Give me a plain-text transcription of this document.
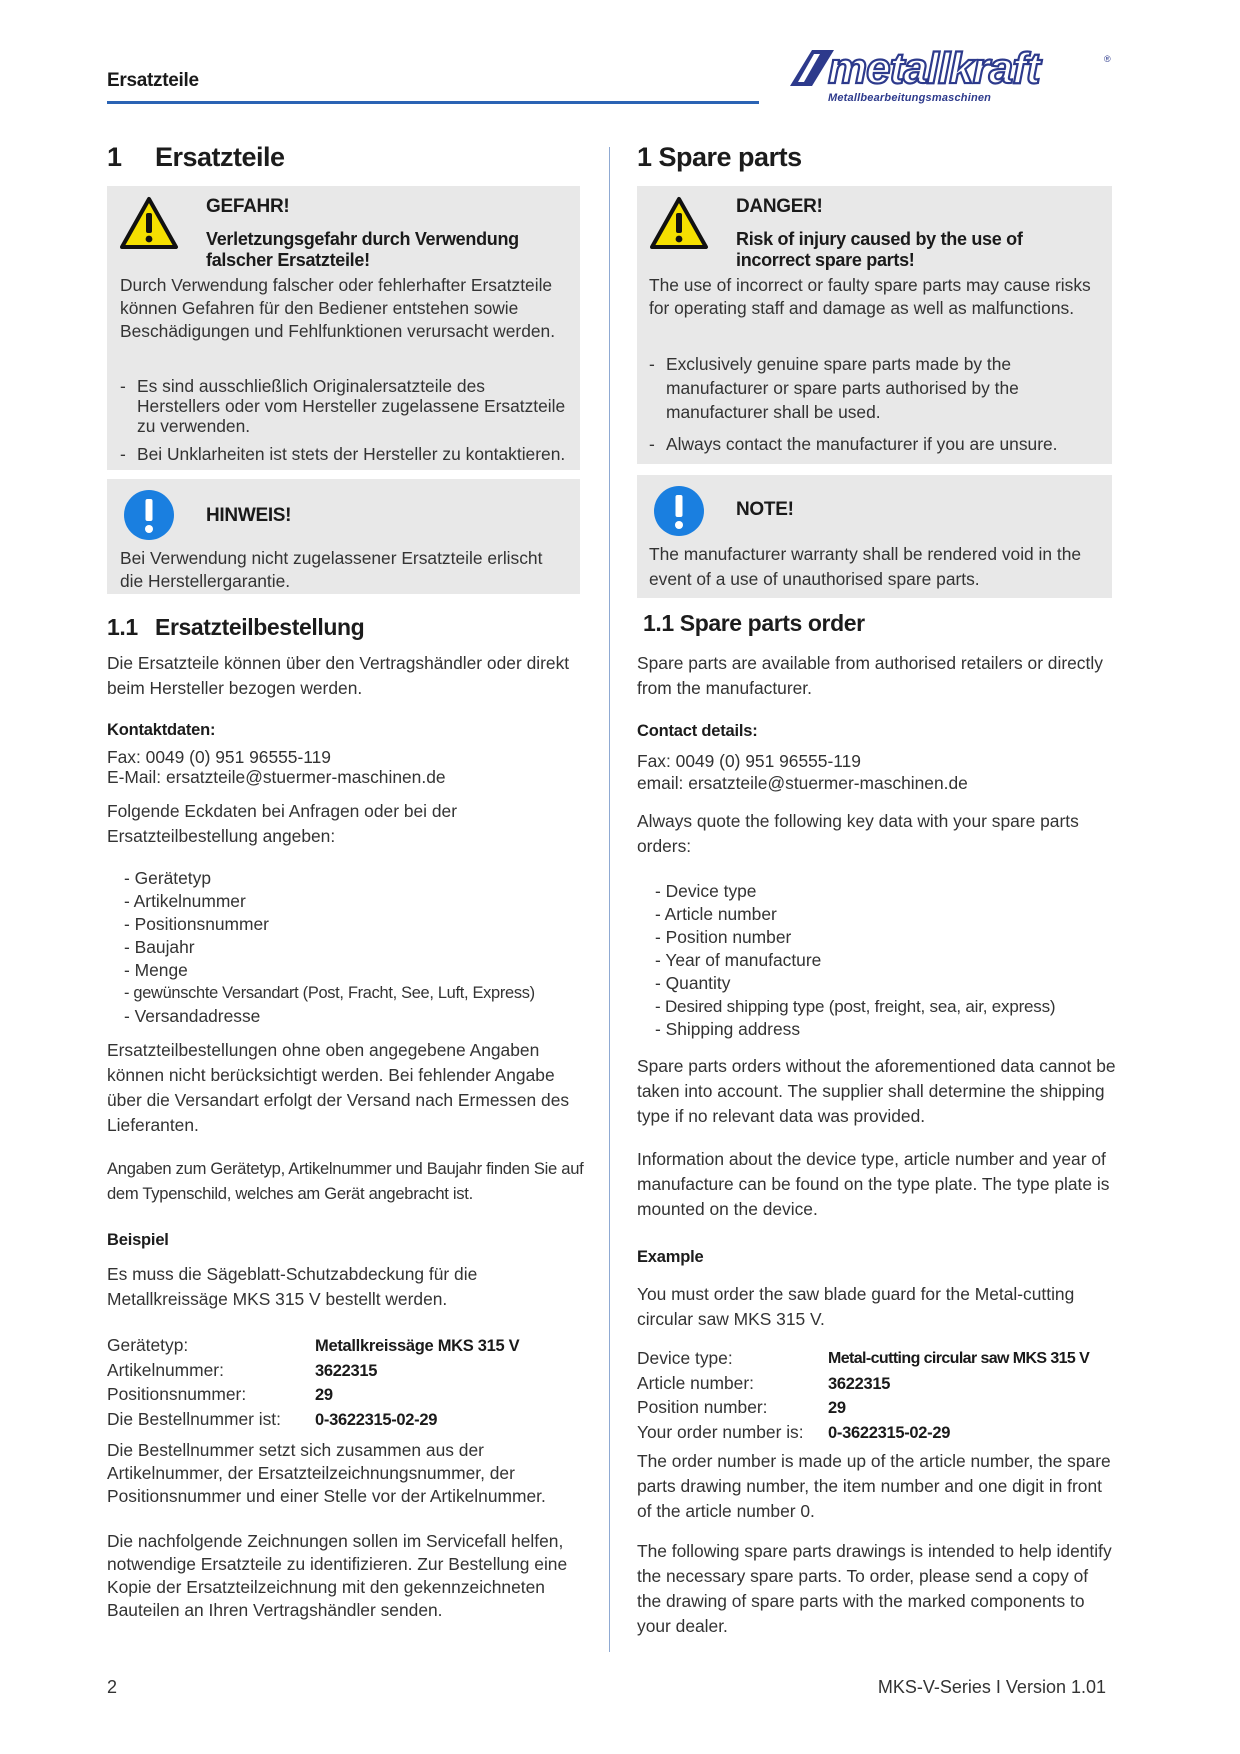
Ersatzteile	metallkraft	®
Metallbearbeitungsmaschinen
1 Ersatzteile
GEFAHR!
Verletzungsgefahr durch Verwendung falscher Ersatzteile!
Durch Verwendung falscher oder fehlerhafter Ersatzteile können Gefahren für den Bediener entstehen sowie Beschädigungen und Fehlfunktionen verursacht werden.
- Es sind ausschließlich Originalersatzteile des Herstellers oder vom Hersteller zugelassene Ersatzteile zu verwenden.
- Bei Unklarheiten ist stets der Hersteller zu kontaktieren.
HINWEIS!
Bei Verwendung nicht zugelassener Ersatzteile erlischt die Herstellergarantie.
1.1 Ersatzteilbestellung
Die Ersatzteile können über den Vertragshändler oder direkt beim Hersteller bezogen werden.
Kontaktdaten:
Fax: 0049 (0) 951 96555-119
E-Mail: ersatzteile@stuermer-maschinen.de
Folgende Eckdaten bei Anfragen oder bei der Ersatzteilbestellung angeben:
- Gerätetyp
- Artikelnummer
- Positionsnummer
- Baujahr
- Menge
- gewünschte Versandart (Post, Fracht, See, Luft, Express)
- Versandadresse
Ersatzteilbestellungen ohne oben angegebene Angaben können nicht berücksichtigt werden. Bei fehlender Angabe über die Versandart erfolgt der Versand nach Ermessen des Lieferanten.
Angaben zum Gerätetyp, Artikelnummer und Baujahr finden Sie auf dem Typenschild, welches am Gerät angebracht ist.
Beispiel
Es muss die Sägeblatt-Schutzabdeckung für die Metallkreissäge MKS 315 V bestellt werden.
Gerätetyp:	Metallkreissäge MKS 315 V
Artikelnummer:	3622315
Positionsnummer:	29
Die Bestellnummer ist: 0-3622315-02-29
Die Bestellnummer setzt sich zusammen aus der Artikelnummer, der Ersatzteilzeichnungsnummer, der Positionsnummer und einer Stelle vor der Artikelnummer.
Die nachfolgende Zeichnungen sollen im Servicefall helfen, notwendige Ersatzteile zu identifizieren. Zur Bestellung eine Kopie der Ersatzteilzeichnung mit den gekennzeichneten Bauteilen an Ihren Vertragshändler senden.
1 Spare parts
DANGER!
Risk of injury caused by the use of incorrect spare parts!
The use of incorrect or faulty spare parts may cause risks for operating staff and damage as well as malfunctions.
- Exclusively genuine spare parts made by the manufacturer or spare parts authorised by the manufacturer shall be used.
- Always contact the manufacturer if you are unsure.
NOTE!
The manufacturer warranty shall be rendered void in the event of a use of unauthorised spare parts.
1.1 Spare parts order
Spare parts are available from authorised retailers or directly from the manufacturer.
Contact details:
Fax: 0049 (0) 951 96555-119
email: ersatzteile@stuermer-maschinen.de
Always quote the following key data with your spare parts orders:
- Device type
- Article number
- Position number
- Year of manufacture
- Quantity
- Desired shipping type (post, freight, sea, air, express)
- Shipping address
Spare parts orders without the aforementioned data cannot be taken into account. The supplier shall determine the shipping type if no relevant data was provided.
Information about the device type, article number and year of manufacture can be found on the type plate. The type plate is mounted on the device.
Example
You must order the saw blade guard for the Metal-cutting circular saw MKS 315 V.
Device type:	Metal-cutting circular saw MKS 315 V
Article number:	3622315
Position number:	29
Your order number is: 0-3622315-02-29
The order number is made up of the article number, the spare parts drawing number, the item number and one digit in front of the article number 0.
The following spare parts drawings is intended to help identify the necessary spare parts. To order, please send a copy of the drawing of spare parts with the marked components to your dealer.
2	MKS-V-Series I Version 1.01
